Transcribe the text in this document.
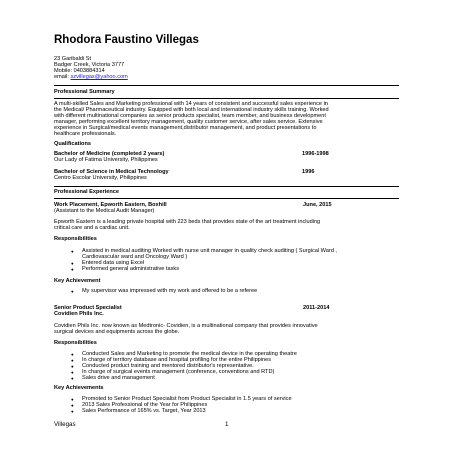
Rhodora Faustino Villegas
23 Garibaldi St
Badger Creek, Victoria 3777
Mobile: 0403884314
email: szvillegas@yahoo.com
Professional Summary
A multi-skilled Sales and Marketing professional with 14 years of consistent and successful sales experience in
the Medical/ Pharmaceutical industry. Equipped with both local and international industry skills training. Worked
with different multinational companies as senior products specialist, team member, and business development
manager, performing excellent territory management, quality customer service, after sales service. Extensive
experience in Surgical/medical events management,distributor management, and product presentations to
healthcare professionals.
Qualifications
Bachelor of Medicine (completed 2 years)	1996-1998
Our Lady of Fatima University, Philippines
Bachelor of Science in Medical Technology	1996
Centro Escolar University, Philippines
Professional Experience
Work Placement, Epworth Eastern, Boxhill	June, 2015
(Assistant to the Medical Audit Manager)
Epworth Eastern is a leading private hospital with 223 beds that provides state of the art treatment including
critical care and a cardiac unit.
Responsibilities
● Assisted in medical auditing Worked with nurse unit manager in quality check auditing ( Surgical Ward ,
Cardiovascular ward and Oncology Ward )
● Entered data using Excel
● Performed general administrative tasks
Key Achievement
● My supervisor was impressed with my work and offered to be a referee
Senior Product Specialist	2011-2014
Covidien Phils Inc.
Covidien Phils Inc. now known as Medtronic- Covidien, is a multinational company that provides innovative
surgical devices and equipments across the globe.
Responsibilities
● Conducted Sales and Marketing to promote the medical device in the operating theatre
● In charge of territory database and hospital profiling for the entire Philippines
● Conducted product training and mentored distributor's representative.
● In charge of surgical events management (conference, conventions and RTD)
● Sales drive and management
Key Achievements
● Promoted to Senior Product Specialist from Product Specialist in 1.5 years of service
● 2013 Sales Professional of the Year for Philippines
● Sales Performance of 165% vs. Target, Year 2013
Villegas	1
